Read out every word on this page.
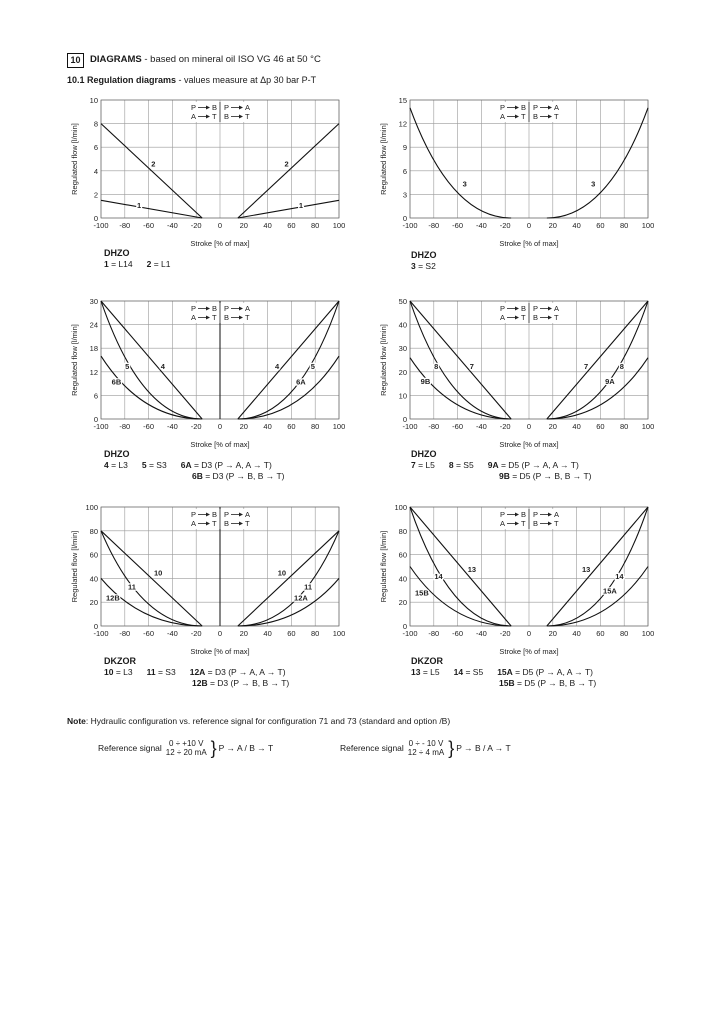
10	DIAGRAMS - based on mineral oil ISO VG 46 at 50 °C
10.1 Regulation diagrams - values measure at Δp 30 bar P-T
-100 -80 -60 -40 -20 0 20 40 60 80 100
0
2
4
6
8
10
Stroke [% of max]
Regulated flow [l/min]
P B
A T
P A
B T
1	1
2	2
-100 -80 -60 -40 -20 0 20 40 60 80 100
0
3
6
9
12
15
Stroke [% of max]
Regulated flow [l/min]
P B
A T
P A
B T
3	3
-100 -80 -60 -40 -20 0 20 40 60 80 100
0
6
12
18
24
30
Stroke [% of max]
Regulated flow [l/min]
P B
A T
P A
B T
4	4
5	5
6B	6A
-100 -80 -60 -40 -20 0 20 40 60 80 100
0
10
20
30
40
50
Stroke [% of max]
Regulated flow [l/min]
P B
A T
P A
B T
7	7
8	8
9B	9A
-100 -80 -60 -40 -20 0 20 40 60 80 100
0
20
40
60
80
100
Stroke [% of max]
Regulated flow [l/min]
P B
A T
P A
B T
10	10
11	11
12B	12A
-100 -80 -60 -40 -20 0 20 40 60 80 100
0
20
40
60
80
100
Stroke [% of max]
Regulated flow [l/min]
P B
A T
P A
B T
13	13
14	14
15B	15A
DHZO
1 = L14 2 = L1
DHZO
3 = S2
DHZO
4 = L3 5 = S3 6A = D3 (P → A, A → T)
6B = D3 (P → B, B → T)
DHZO
7 = L5 8 = S5 9A = D5 (P → A, A → T)
9B = D5 (P → B, B → T)
DKZOR
10 = L3 11 = S3 12A = D3 (P → A, A → T)
12B = D3 (P → B, B → T)
DKZOR
13 = L5 14 = S5 15A = D5 (P → A, A → T)
15B = D5 (P → B, B → T)
Note: Hydraulic configuration vs. reference signal for configuration 71 and 73 (standard and option /B)
Reference signal 0 ÷ +10 V
12 ÷ 20 mA } P → A / B → T	Reference signal 0 ÷ - 10 V
12 ÷ 4 mA } P → B / A → T
